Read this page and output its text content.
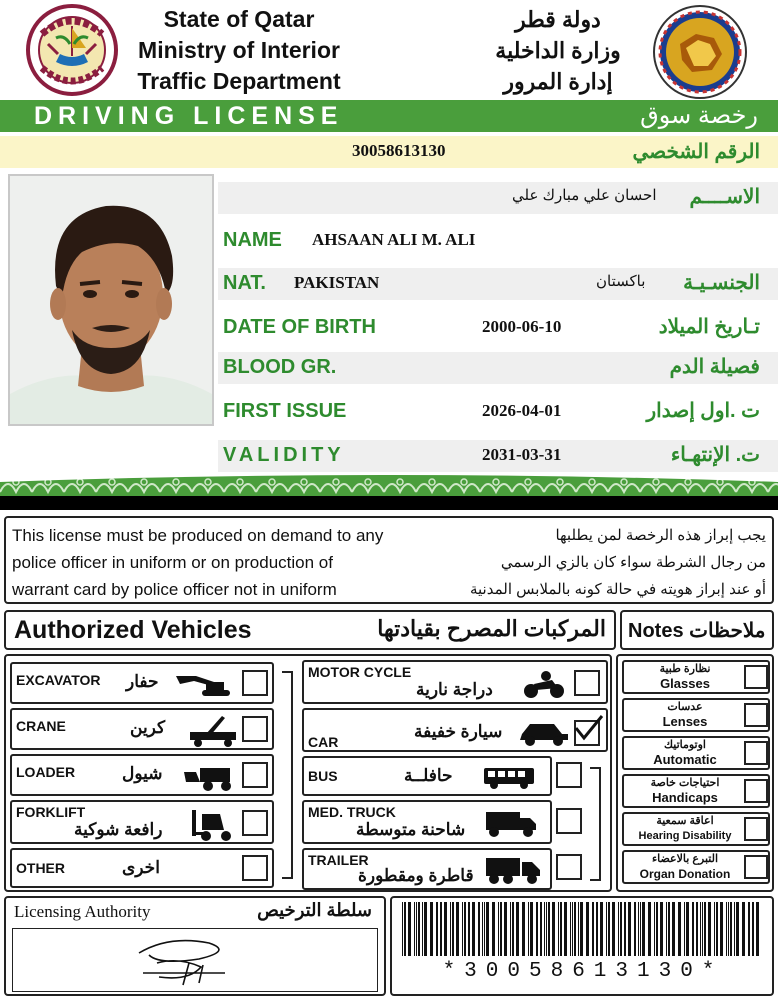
State of Qatar
Ministry of Interior
Traffic Department
دولة قطر
وزارة الداخلية
إدارة المرور
DRIVING LICENSE	رخصة سوق
30058613130	الرقم الشخصي
احسان علي مبارك علي الاســــم
NAME AHSAAN ALI M. ALI
NAT. PAKISTAN	باكستان الجنسـيـة
DATE OF BIRTH	2000-06-10	تـاريخ الميلاد
BLOOD GR.	فصيلة الدم
FIRST ISSUE	2026-04-01	ت .اول إصدار
VALIDITY	2031-03-31	ت. الإنتهـاء
This license must be produced on demand to any
police officer in uniform or on production of
warrant card by police officer not in uniform
يجب إبراز هذه الرخصة لمن يطلبها
من رجال الشرطة سواء كان بالزي الرسمي
أو عند إبراز هويته في حالة كونه بالملابس المدنية
Authorized Vehicles	المركبات المصرح بقيادتها Notes ملاحظات
EXCAVATOR حفار
CRANE	كرين
LOADER	شيول
FORKLIFT
رافعة شوكية
OTHER	اخرى
MOTOR CYCLE
دراجة نارية
CAR
سيارة خفيفة
BUS	حافلــة
MED. TRUCK
شاحنة متوسطة
TRAILER
قاطرة ومقطورة
نظارة طبية
Glasses
عدسات
Lenses
اوتوماتيك
Automatic
احتياجات خاصة
Handicaps
اعاقة سمعية
Hearing Disability
التبرع بالاعضاء
Organ Donation
Licensing Authority	سلطة الترخيص
*30058613130*
